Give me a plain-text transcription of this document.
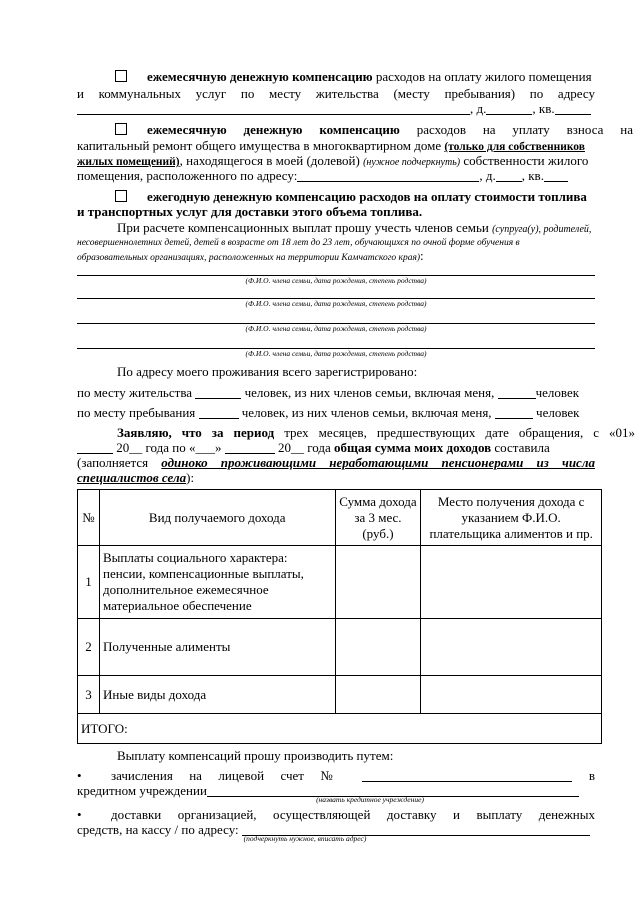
ежемесячную денежную компенсацию расходов на оплату жилого помещения
и коммунальных услуг по месту жительства (месту пребывания) по адресу
, д.	, кв.
ежемесячную денежную компенсацию расходов на уплату взноса на
капитальный ремонт общего имущества в многоквартирном доме (только для собственников
жилых помещений), находящегося в моей (долевой) (нужное подчеркнуть) собственности жилого
помещения, расположенного по адресу:	, д. , кв.
ежегодную денежную компенсацию расходов на оплату стоимости топлива
и транспортных услуг для доставки этого объема топлива.
При расчете компенсационных выплат прошу учесть членов семьи (супруга(у), родителей,
несовершеннолетних детей, детей в возрасте от 18 лет до 23 лет, обучающихся по очной форме обучения в
образовательных организациях, расположенных на территории Камчатского края):
(Ф.И.О. члена семьи, дата рождения, степень родства)
(Ф.И.О. члена семьи, дата рождения, степень родства)
(Ф.И.О. члена семьи, дата рождения, степень родства)
(Ф.И.О. члена семьи, дата рождения, степень родства)
По адресу моего проживания всего зарегистрировано:
по месту жительства	человек, из них членов семьи, включая меня,	человек
по месту пребывания	человек, из них членов семьи, включая меня,	человек
Заявляю, что за период трех месяцев, предшествующих дате обращения, с «01»
20__ года по «___»	20__ года общая сумма моих доходов составила
(заполняется одиноко проживающими неработающими пенсионерами из числа
специалистов села):
№	Вид получаемого дохода	Сумма дохода за 3 мес. (руб.)	Место получения дохода с указанием Ф.И.О. плательщика алиментов и пр.
1	Выплаты социального характера: пенсии, компенсационные выплаты, дополнительное ежемесячное материальное обеспечение		
2	Полученные алименты		
3	Иные виды дохода		
ИТОГО:			
Выплату компенсаций прошу производить путем:
• зачисления на лицевой счет №	в
кредитном учреждении
(назвать кредитное учреждение)
• доставки организацией, осуществляющей доставку и выплату денежных
средств, на кассу / по адресу:
(подчеркнуть нужное, вписать адрес)
